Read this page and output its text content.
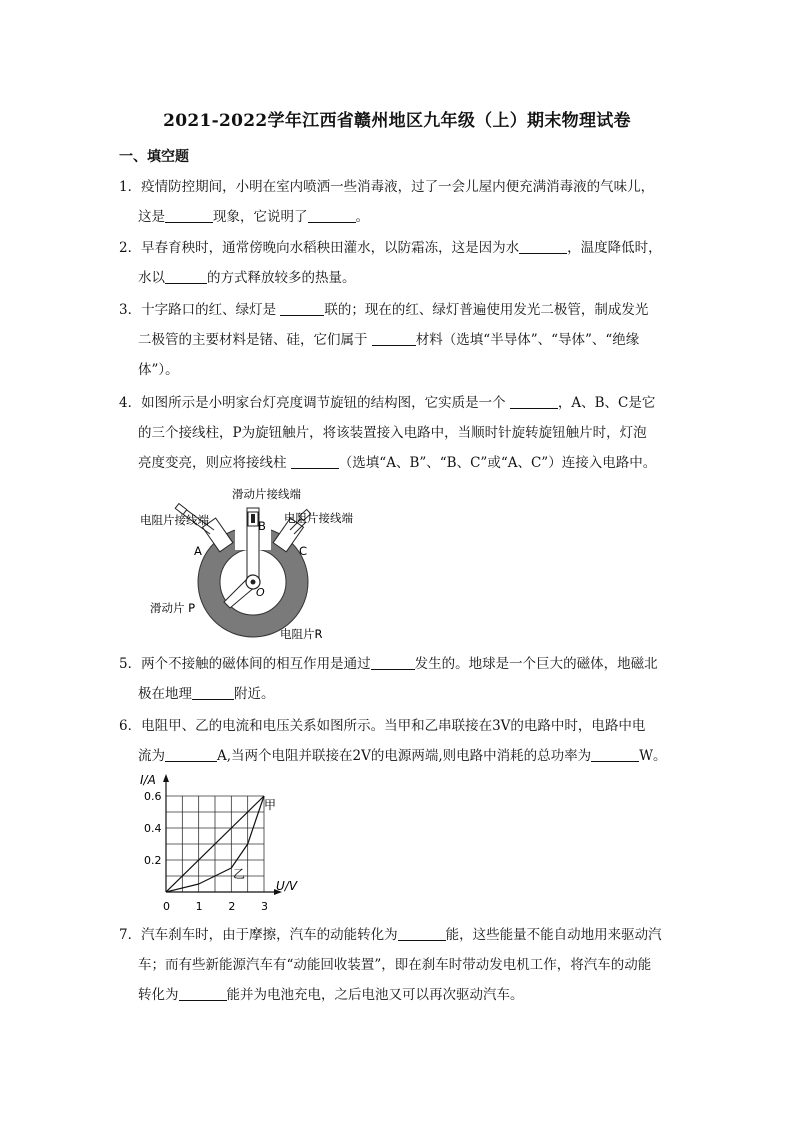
2021-2022学年江西省赣州地区九年级（上）期末物理试卷
一、填空题
1．疫情防控期间，小明在室内喷洒一些消毒液，过了一会儿屋内便充满消毒液的气味儿，
这是	现象，它说明了	。
2．早春育秧时，通常傍晚向水稻秧田灌水，以防霜冻，这是因为水	，温度降低时，
水以	的方式释放较多的热量。
3．十字路口的红、绿灯是	联的；现在的红、绿灯普遍使用发光二极管，制成发光
二极管的主要材料是锗、硅，它们属于	材料（选填“半导体”、“导体”、“绝缘
体”）。
4．如图所示是小明家台灯亮度调节旋钮的结构图，它实质是一个	，A、B、C是它
的三个接线柱，P为旋钮触片，将该装置接入电路中，当顺时针旋转旋钮触片时，灯泡
亮度变亮，则应将接线柱	（选填“A、B”、“B、C”或“A、C”）连接入电路中。
滑动片接线端
电阻片接线端	电阻片接线端
A
B
C
O
滑动片 P
电阻片R
5．两个不接触的磁体间的相互作用是通过	发生的。地球是一个巨大的磁体，地磁北
极在地理	附近。
6．电阻甲、乙的电流和电压关系如图所示。当甲和乙串联接在3V的电路中时，电路中电
流为	A,当两个电阻并联接在2V的电源两端,则电路中消耗的总功率为	W。
0 1 2 3
0.2
0.4
0.6
I/A
U/V
甲
乙
7．汽车刹车时，由于摩擦，汽车的动能转化为	能，这些能量不能自动地用来驱动汽
车；而有些新能源汽车有“动能回收装置”，即在刹车时带动发电机工作，将汽车的动能
转化为	能并为电池充电，之后电池又可以再次驱动汽车。
